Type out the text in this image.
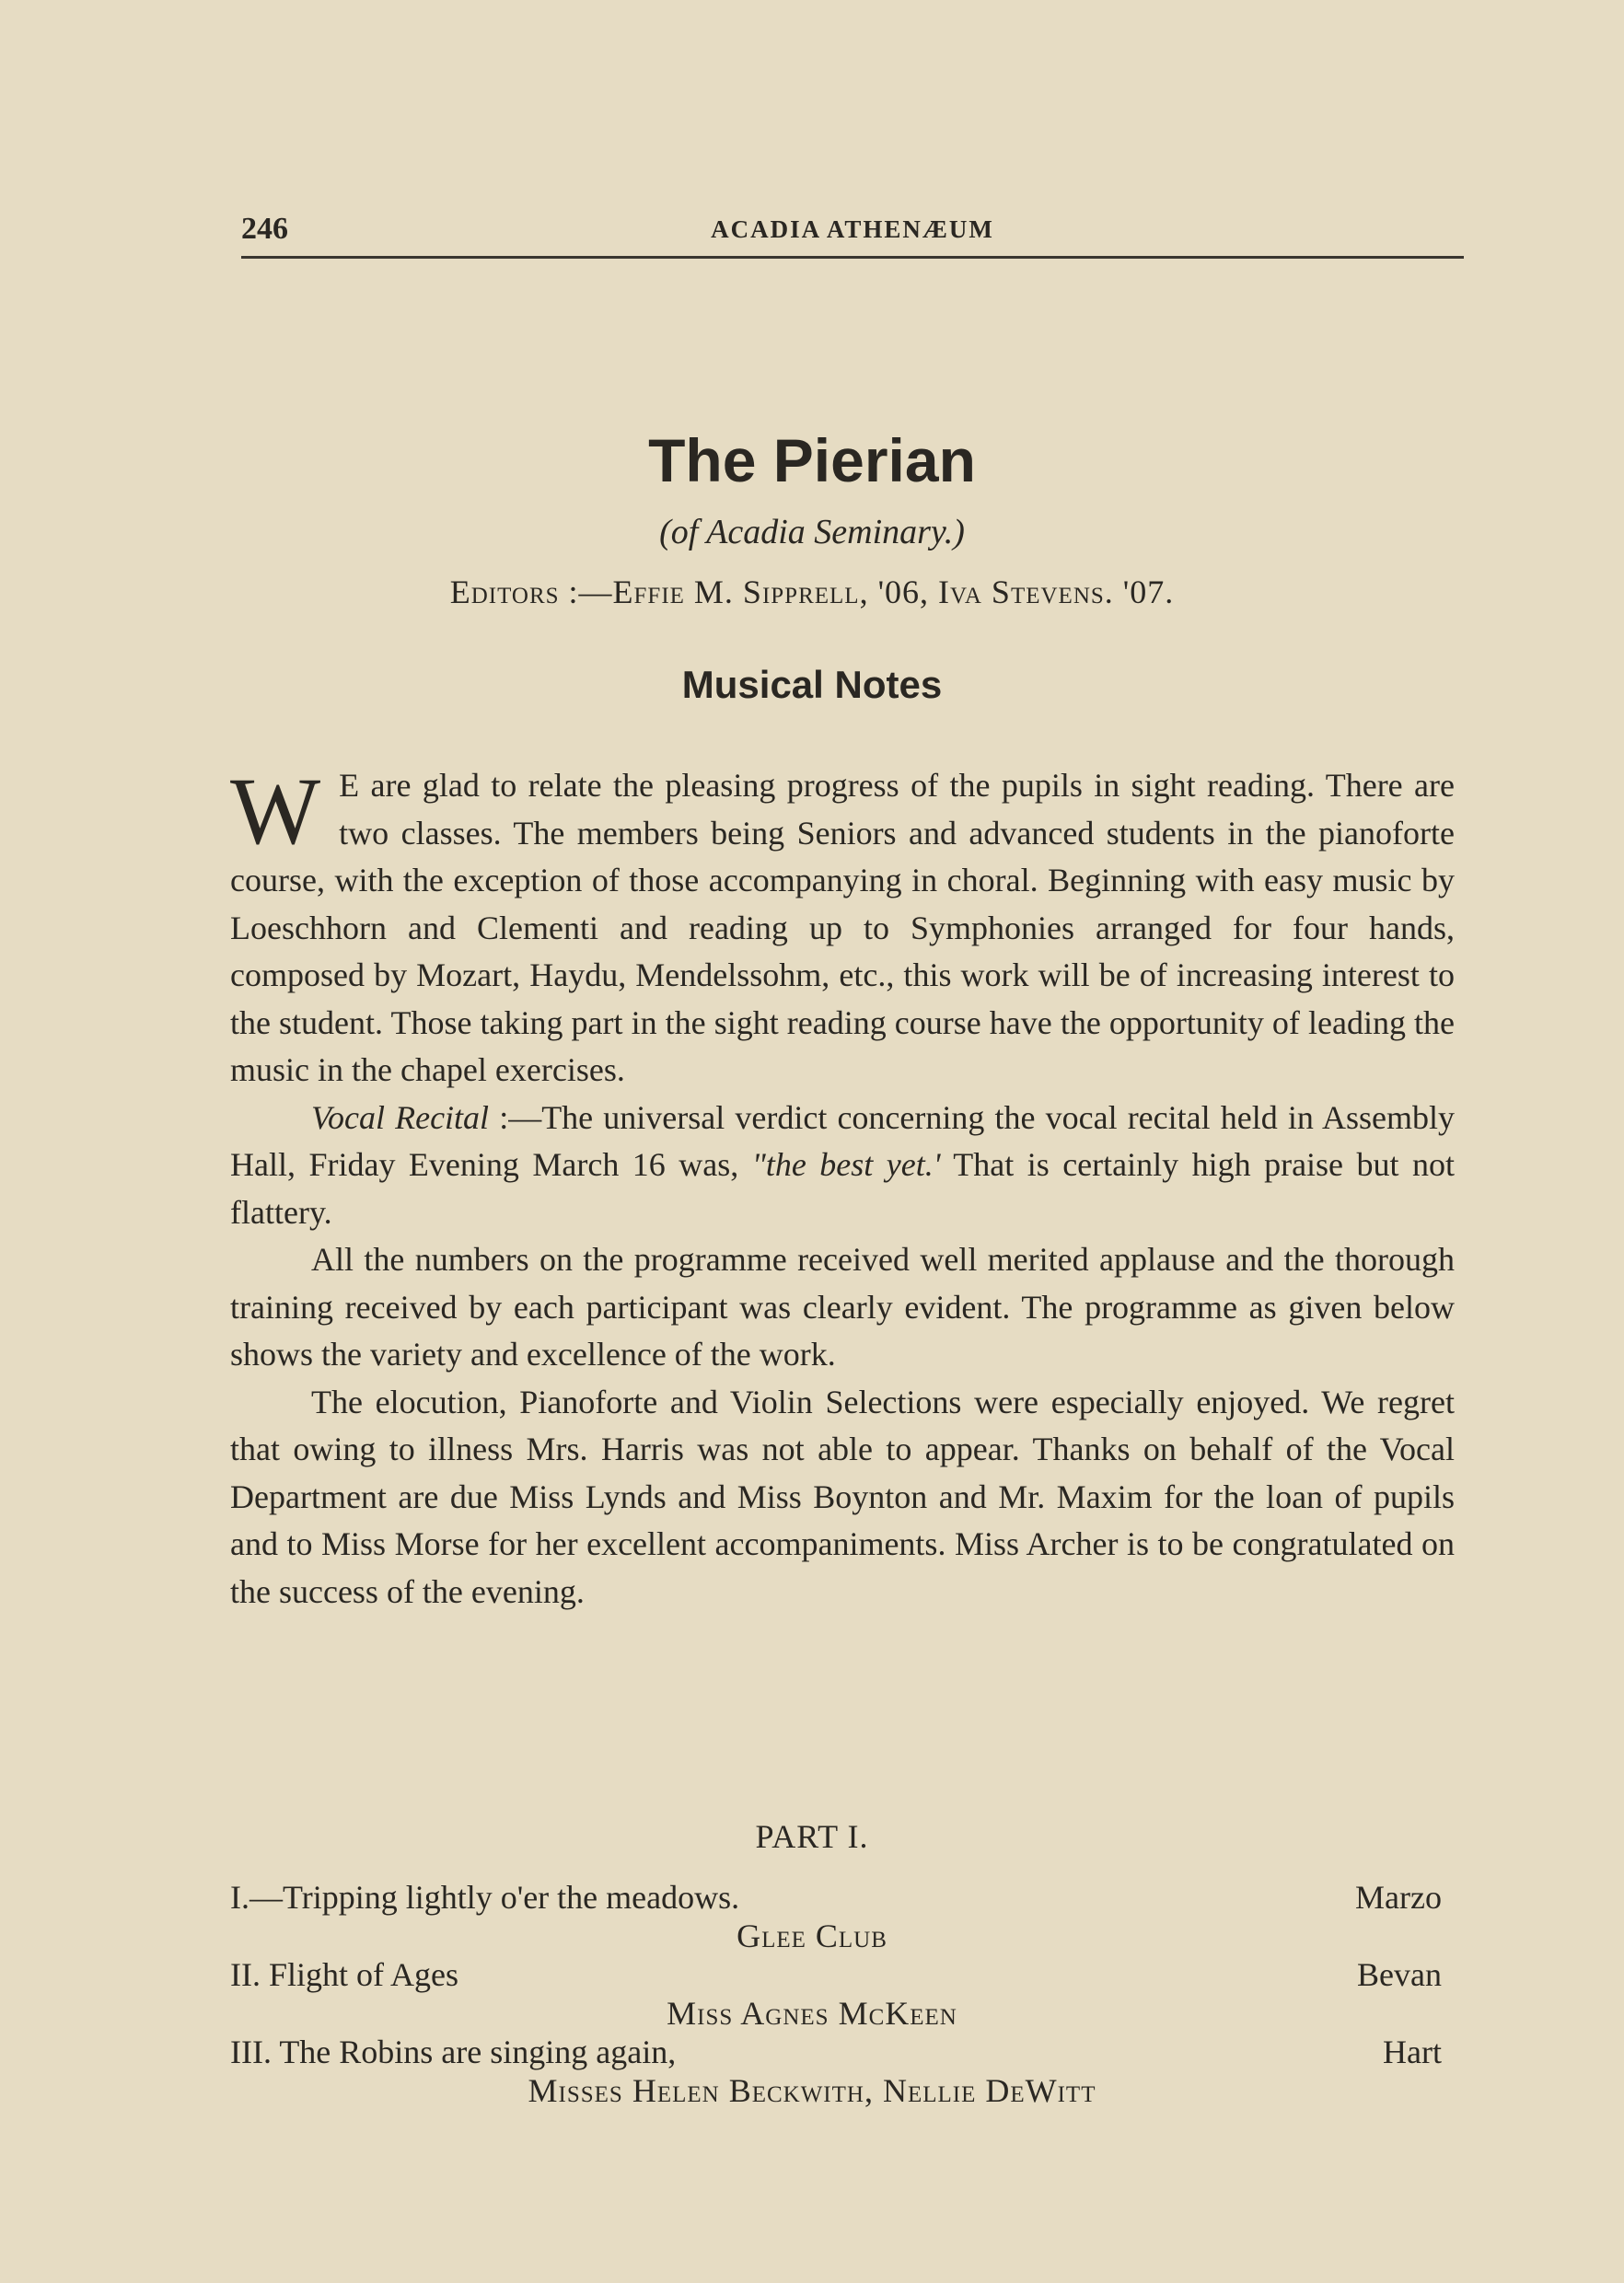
246	ACADIA ATHENÆUM
The Pierian
(of Acadia Seminary.)
Editors :—Effie M. Sipprell, '06, Iva Stevens. '07.
Musical Notes

W E are glad to relate the pleasing progress of the pupils in sight reading. There are two classes. The members being Seniors and advanced students in the pianoforte course, with the exception of those accompanying in choral. Beginning with easy music by Loeschhorn and Clementi and reading up to Symphonies arranged for four hands, composed by Mozart, Haydu, Mendelssohm, etc., this work will be of increasing interest to the student. Those taking part in the sight reading course have the opportunity of leading the music in the chapel exercises.

Vocal Recital :—The universal verdict concerning the vocal recital held in Assembly Hall, Friday Evening March 16 was, "the best yet.' That is certainly high praise but not flattery.

All the numbers on the programme received well merited applause and the thorough training received by each participant was clearly evident. The programme as given below shows the variety and excellence of the work.

The elocution, Pianoforte and Violin Selections were especially enjoyed. We regret that owing to illness Mrs. Harris was not able to appear. Thanks on behalf of the Vocal Department are due Miss Lynds and Miss Boynton and Mr. Maxim for the loan of pupils and to Miss Morse for her excellent accompaniments. Miss Archer is to be congratulated on the success of the evening.

PART I.
I.—Tripping lightly o'er the meadows.	Marzo
Glee Club
II. Flight of Ages	Bevan
Miss Agnes McKeen
III. The Robins are singing again,	Hart
Misses Helen Beckwith, Nellie DeWitt
